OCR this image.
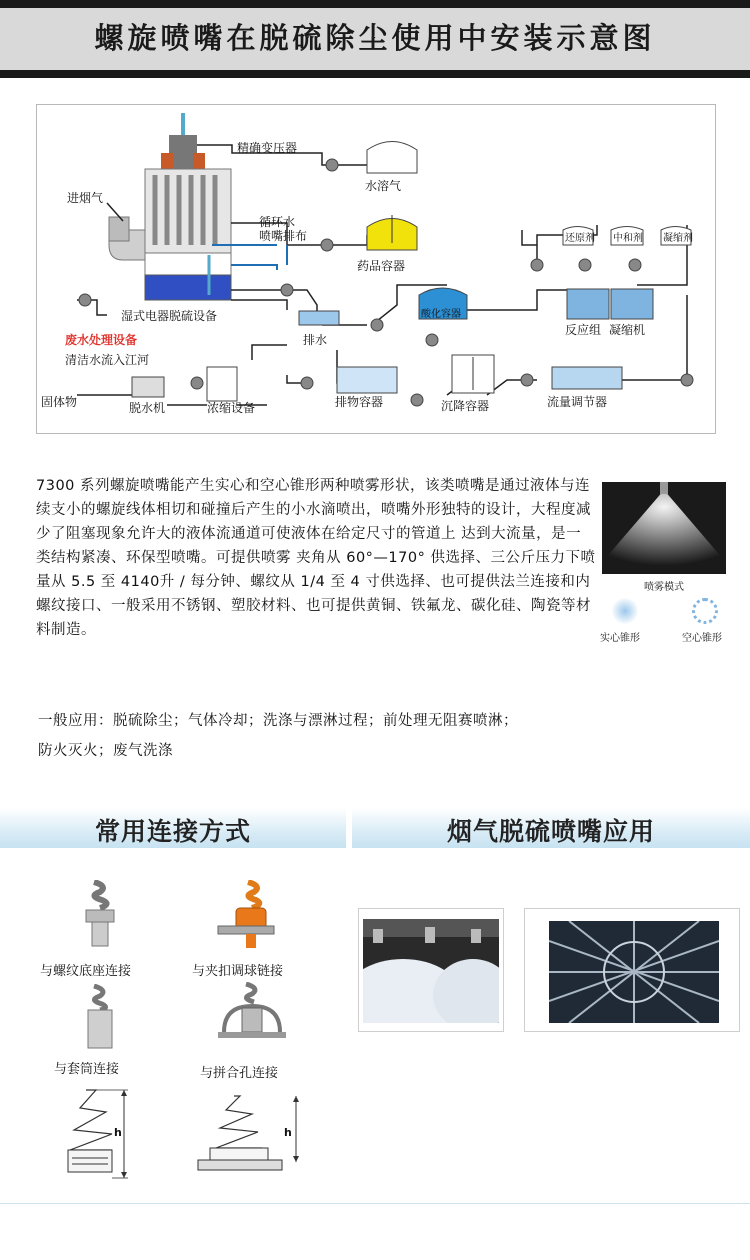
螺旋喷嘴在脱硫除尘使用中安装示意图
精确变压器
水溶气
进烟气
循环水
喷嘴排布
药品容器
还原剂 中和剂 凝缩剂
湿式电器脱硫设备
排水
酸化容器
反应组 凝缩机
废水处理设备
清洁水流入江河
固体物	脱水机	浓缩设备	排物容器	沉降容器	流量调节器
7300 系列螺旋喷嘴能产生实心和空心锥形两种喷雾形状，该类喷嘴是通过液体与连续支小的螺旋线体相切和碰撞后产生的小水滴喷出，喷嘴外形独特的设计，大程度减少了阻塞现象允许大的液体流通道可使液体在给定尺寸的管道上 达到大流量，是一类结构紧凑、环保型喷嘴。可提供喷雾 夹角从 60°—170° 供选择、三公斤压力下喷量从 5.5 至 4140升 / 每分钟、螺纹从 1/4 至 4 寸供选择、也可提供法兰连接和内螺纹接口、一般采用不锈钢、塑胶材料、也可提供黄铜、铁氟龙、碳化硅、陶瓷等材料制造。
喷雾模式
实心锥形	空心锥形
一般应用：脱硫除尘；气体冷却；洗涤与漂淋过程；前处理无阻赛喷淋；
防火灭火；废气洗涤
常用连接方式	烟气脱硫喷嘴应用
与螺纹底座连接	与夹扣调球链接
与套筒连接	与拼合孔连接
h	h
